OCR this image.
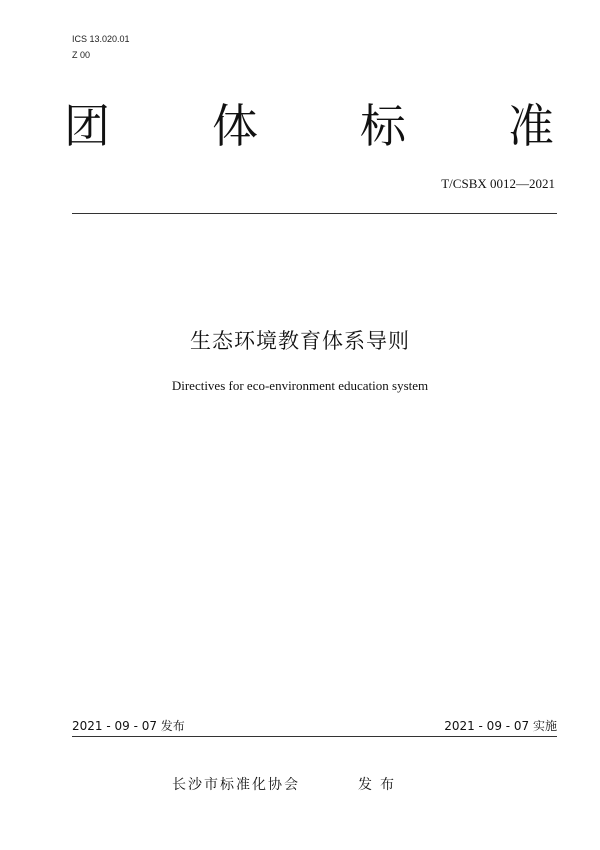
ICS 13.020.01
Z 00
团 体 标 准
T/CSBX 0012—2021
生态环境教育体系导则
Directives for eco-environment education system
2021 - 09 - 07 发布	2021 - 09 - 07 实施
长沙市标准化协会	发布
